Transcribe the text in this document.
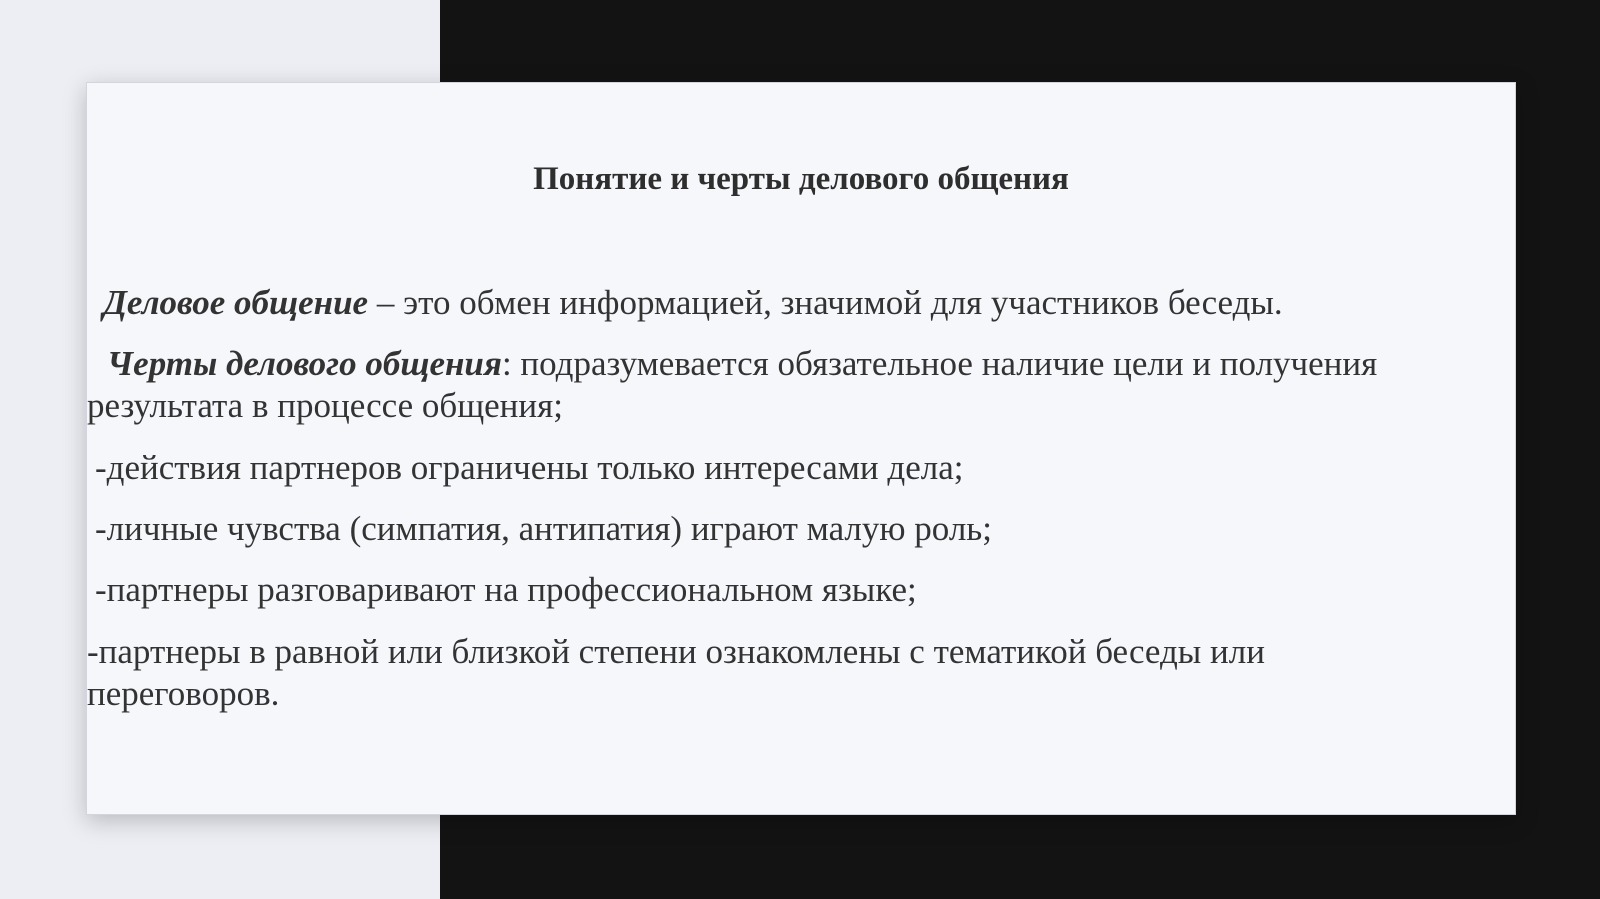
Понятие и черты делового общения
Деловое общение – это обмен информацией, значимой для участников беседы.
Черты делового общения: подразумевается обязательное наличие цели и получения
результата в процессе общения;
-действия партнеров ограничены только интересами дела;
-личные чувства (симпатия, антипатия) играют малую роль;
-партнеры разговаривают на профессиональном языке;
-партнеры в равной или близкой степени ознакомлены с тематикой беседы или
переговоров.
